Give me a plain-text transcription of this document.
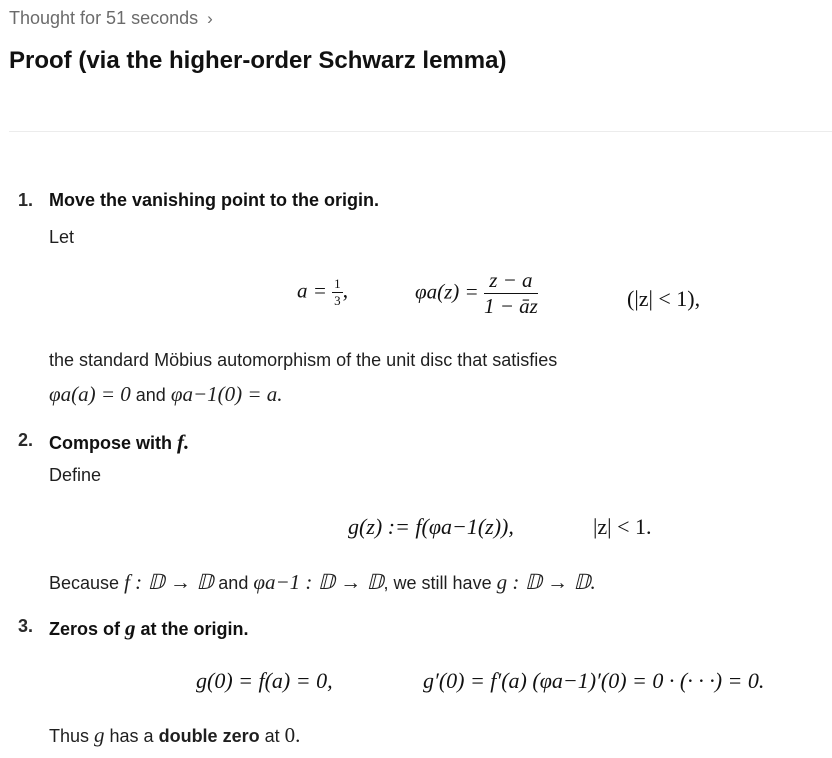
Thought for 51 seconds ›
Proof (via the higher-order Schwarz lemma)
1. Move the vanishing point to the origin.
Let
$a = \frac{1}{3}$ ,	$\varphi a(z) = \frac{z - a}{1 - āz}$	(|z| < 1),
the standard Möbius automorphism of the unit disc that satisfies
φa(a) = 0 and φa−1(0) = a.
2. Compose with f.
Define
g(z) := f(φa−1(z)),	|z| < 1.
Because f : 𝔻 → 𝔻 and φa−1 : 𝔻 → 𝔻, we still have g : 𝔻 → 𝔻.
3. Zeros of g at the origin.
g(0) = f(a) = 0,	g′(0) = f′(a) (φa−1)′(0) = 0 · (· · ·) = 0.
Thus g has a double zero at 0.
